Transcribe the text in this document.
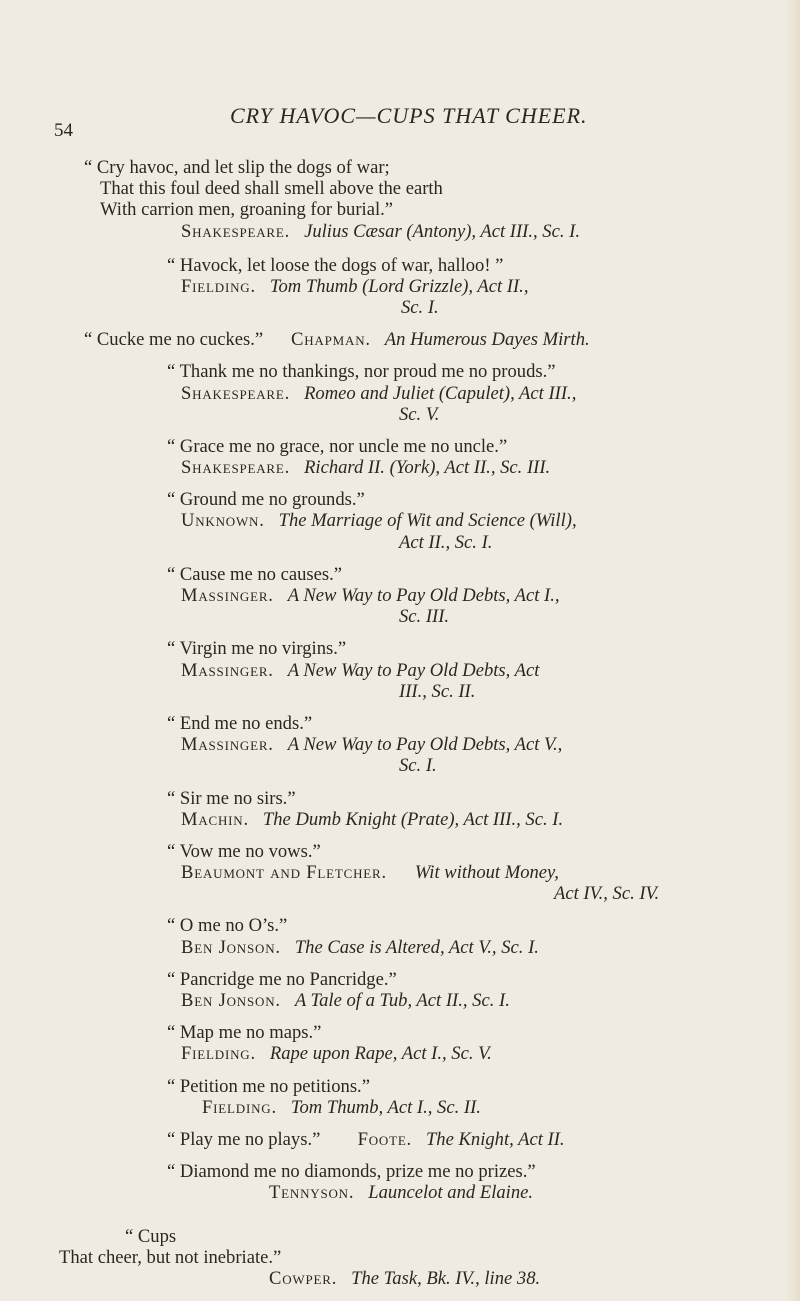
54
CRY HAVOC—CUPS THAT CHEER.
“ Cry havoc, and let slip the dogs of war;
That this foul deed shall smell above the earth
With carrion men, groaning for burial.”
Shakespeare. Julius Cæsar (Antony), Act III., Sc. I.
“ Havock, let loose the dogs of war, halloo! ”
Fielding. Tom Thumb (Lord Grizzle), Act II.,
Sc. I.
“ Cucke me no cuckes.” Chapman. An Humerous Dayes Mirth.
“ Thank me no thankings, nor proud me no prouds.”
Shakespeare. Romeo and Juliet (Capulet), Act III.,
Sc. V.
“ Grace me no grace, nor uncle me no uncle.”
Shakespeare. Richard II. (York), Act II., Sc. III.
“ Ground me no grounds.”
Unknown. The Marriage of Wit and Science (Will),
Act II., Sc. I.
“ Cause me no causes.”
Massinger. A New Way to Pay Old Debts, Act I.,
Sc. III.
“ Virgin me no virgins.”
Massinger. A New Way to Pay Old Debts, Act
III., Sc. II.
“ End me no ends.”
Massinger. A New Way to Pay Old Debts, Act V.,
Sc. I.
“ Sir me no sirs.”
Machin. The Dumb Knight (Prate), Act III., Sc. I.
“ Vow me no vows.”
Beaumont and Fletcher. Wit without Money,
Act IV., Sc. IV.
“ O me no O’s.”
Ben Jonson. The Case is Altered, Act V., Sc. I.
“ Pancridge me no Pancridge.”
Ben Jonson. A Tale of a Tub, Act II., Sc. I.
“ Map me no maps.”
Fielding. Rape upon Rape, Act I., Sc. V.
“ Petition me no petitions.”
Fielding. Tom Thumb, Act I., Sc. II.
“ Play me no plays.” Foote. The Knight, Act II.
“ Diamond me no diamonds, prize me no prizes.”
Tennyson. Launcelot and Elaine.
“ Cups
That cheer, but not inebriate.”
Cowper. The Task, Bk. IV., line 38.
